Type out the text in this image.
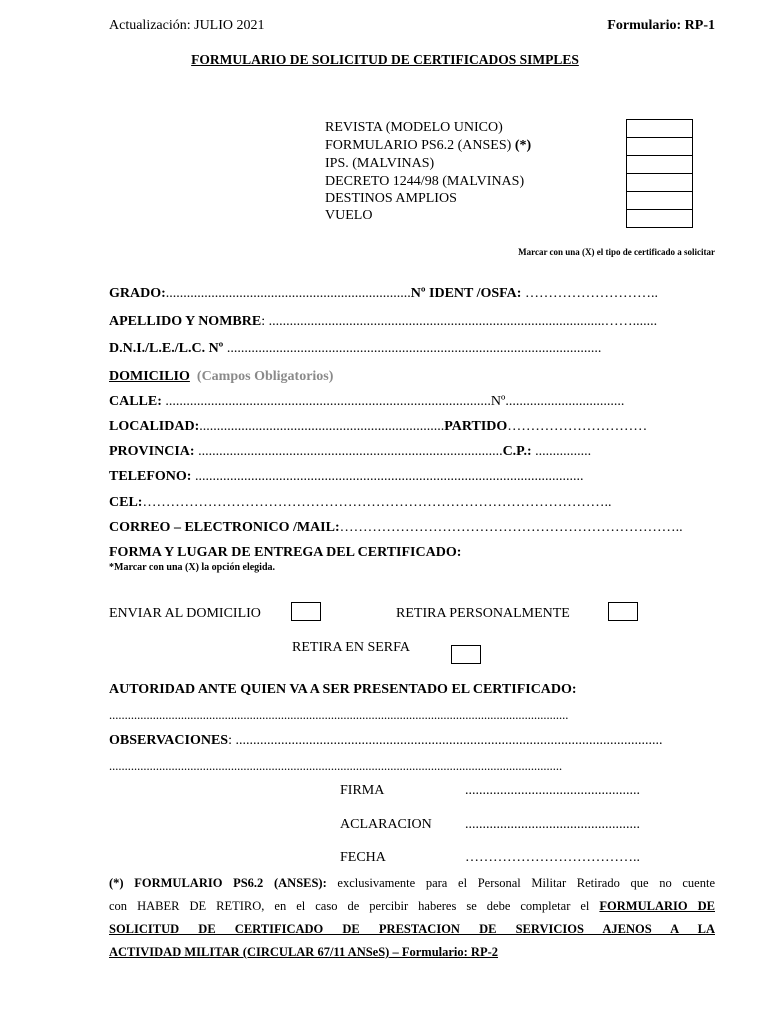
Actualización: JULIO 2021	Formulario: RP-1
FORMULARIO DE SOLICITUD DE CERTIFICADOS SIMPLES
REVISTA (MODELO UNICO)
FORMULARIO PS6.2 (ANSES) (*)
IPS. (MALVINAS)
DECRETO 1244/98 (MALVINAS)
DESTINOS AMPLIOS
VUELO
Marcar con una (X) el tipo de certificado a solicitar
GRADO:......................................................................Nº IDENT /OSFA: ………………………..
APELLIDO Y NOMBRE: ................................................................................................…….......
D.N.I./L.E./L.C. Nº ...........................................................................................................
DOMICILIO (Campos Obligatorios)
CALLE: .............................................................................................Nº..................................
LOCALIDAD:......................................................................PARTIDO…………………………
PROVINCIA: .......................................................................................C.P.: ................
TELEFONO: ...............................................................................................................
CEL:………………………………………………………………………………………..
CORREO – ELECTRONICO /MAIL:………………………………………………………………..
FORMA Y LUGAR DE ENTREGA DEL CERTIFICADO:
*Marcar con una (X) la opción elegida.
ENVIAR AL DOMICILIO	RETIRA PERSONALMENTE
RETIRA EN SERFA
AUTORIDAD ANTE QUIEN VA A SER PRESENTADO EL CERTIFICADO:
...................................................................................................................................................
OBSERVACIONES: ..........................................................................................................................
.................................................................................................................................................
FIRMA	..................................................
ACLARACION ..................................................
FECHA	………………………………..
(*) FORMULARIO PS6.2 (ANSES): exclusivamente para el Personal Militar Retirado que no cuente
con HABER DE RETIRO, en el caso de percibir haberes se debe completar el FORMULARIO DE
SOLICITUD DE CERTIFICADO DE PRESTACION DE SERVICIOS AJENOS A LA
ACTIVIDAD MILITAR (CIRCULAR 67/11 ANSeS) – Formulario: RP-2
